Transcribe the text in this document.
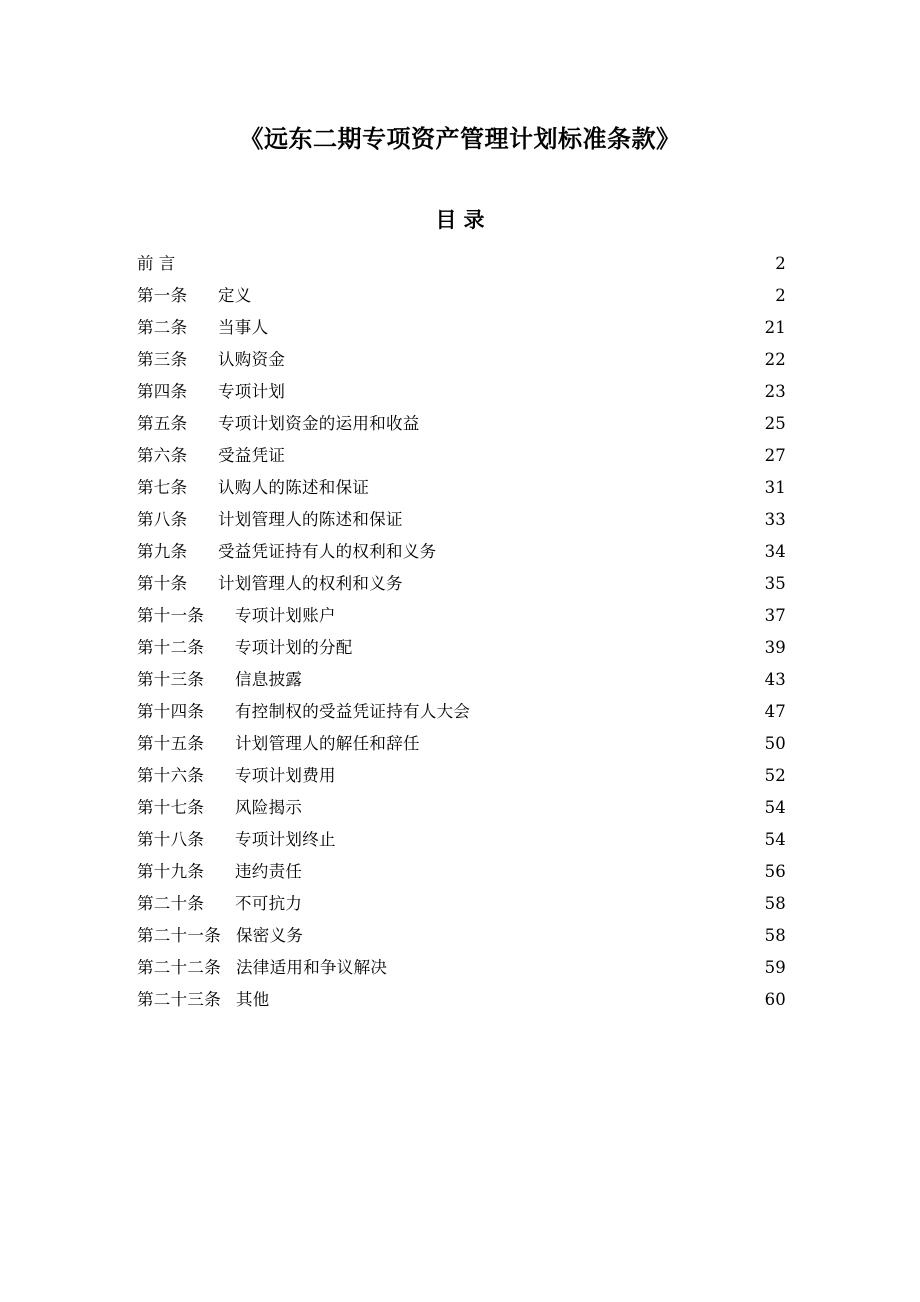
《远东二期专项资产管理计划标准条款》
目录
前 言 .....	2
第一条	定义 .....	2
第二条	当事人 .....	21
第三条	认购资金 .....	22
第四条	专项计划 .....	23
第五条	专项计划资金的运用和收益 .....	25
第六条	受益凭证 .....	27
第七条	认购人的陈述和保证 .....	31
第八条	计划管理人的陈述和保证 .....	33
第九条	受益凭证持有人的权利和义务 .....	34
第十条	计划管理人的权利和义务 .....	35
第十一条	专项计划账户 .....	37
第十二条	专项计划的分配 .....	39
第十三条	信息披露 .....	43
第十四条	有控制权的受益凭证持有人大会 .....	47
第十五条	计划管理人的解任和辞任 .....	50
第十六条	专项计划费用 .....	52
第十七条	风险揭示 .....	54
第十八条	专项计划终止 .....	54
第十九条	违约责任 .....	56
第二十条	不可抗力 .....	58
第二十一条 保密义务 .....	58
第二十二条 法律适用和争议解决 .....	59
第二十三条 其他 .....	60
